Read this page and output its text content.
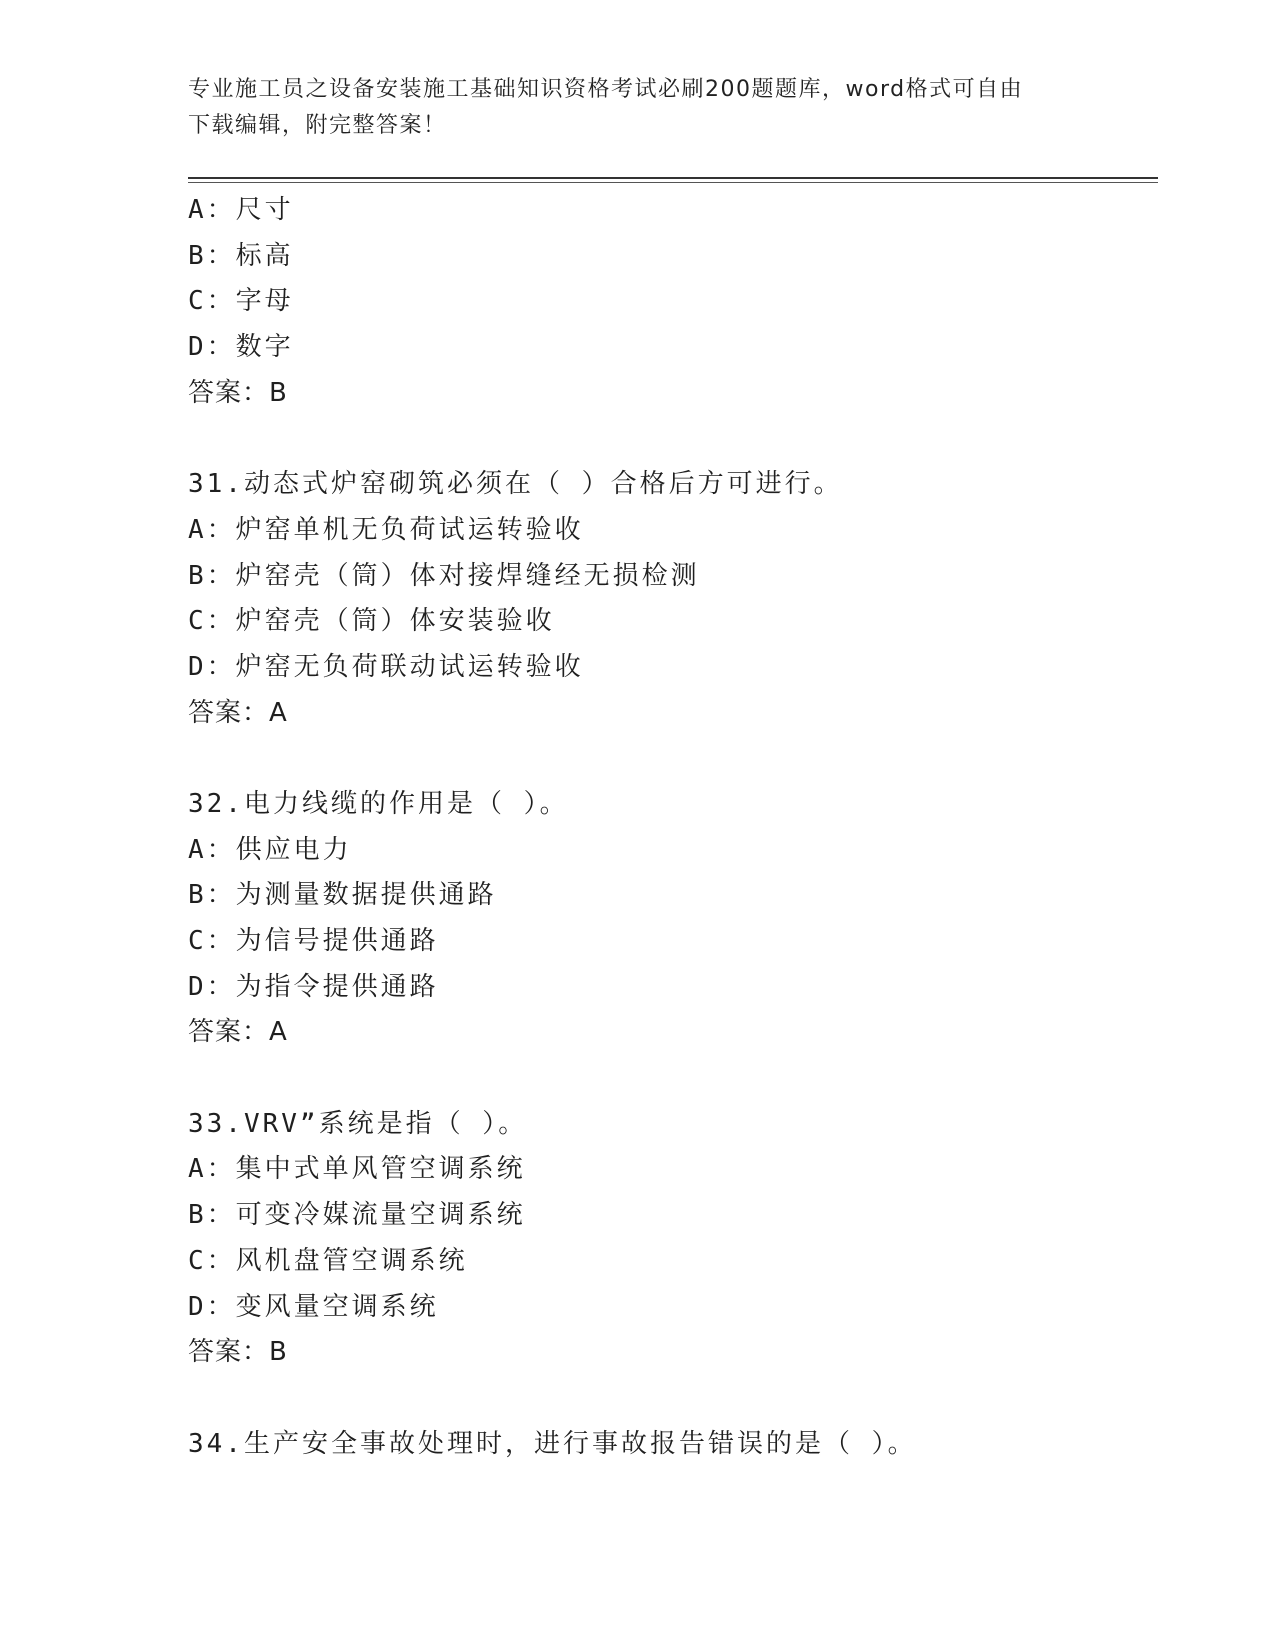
专业施工员之设备安装施工基础知识资格考试必刷200题题库，word格式可自由
下载编辑，附完整答案！
A：尺寸
B：标高
C：字母
D：数字
答案：B
31.动态式炉窑砌筑必须在（ ）合格后方可进行。
A：炉窑单机无负荷试运转验收
B：炉窑壳（筒）体对接焊缝经无损检测
C：炉窑壳（筒）体安装验收
D：炉窑无负荷联动试运转验收
答案：A
32.电力线缆的作用是（ ）。
A：供应电力
B：为测量数据提供通路
C：为信号提供通路
D：为指令提供通路
答案：A
33.VRV”系统是指（ ）。
A：集中式单风管空调系统
B：可变冷媒流量空调系统
C：风机盘管空调系统
D：变风量空调系统
答案：B
34.生产安全事故处理时，进行事故报告错误的是（ ）。
